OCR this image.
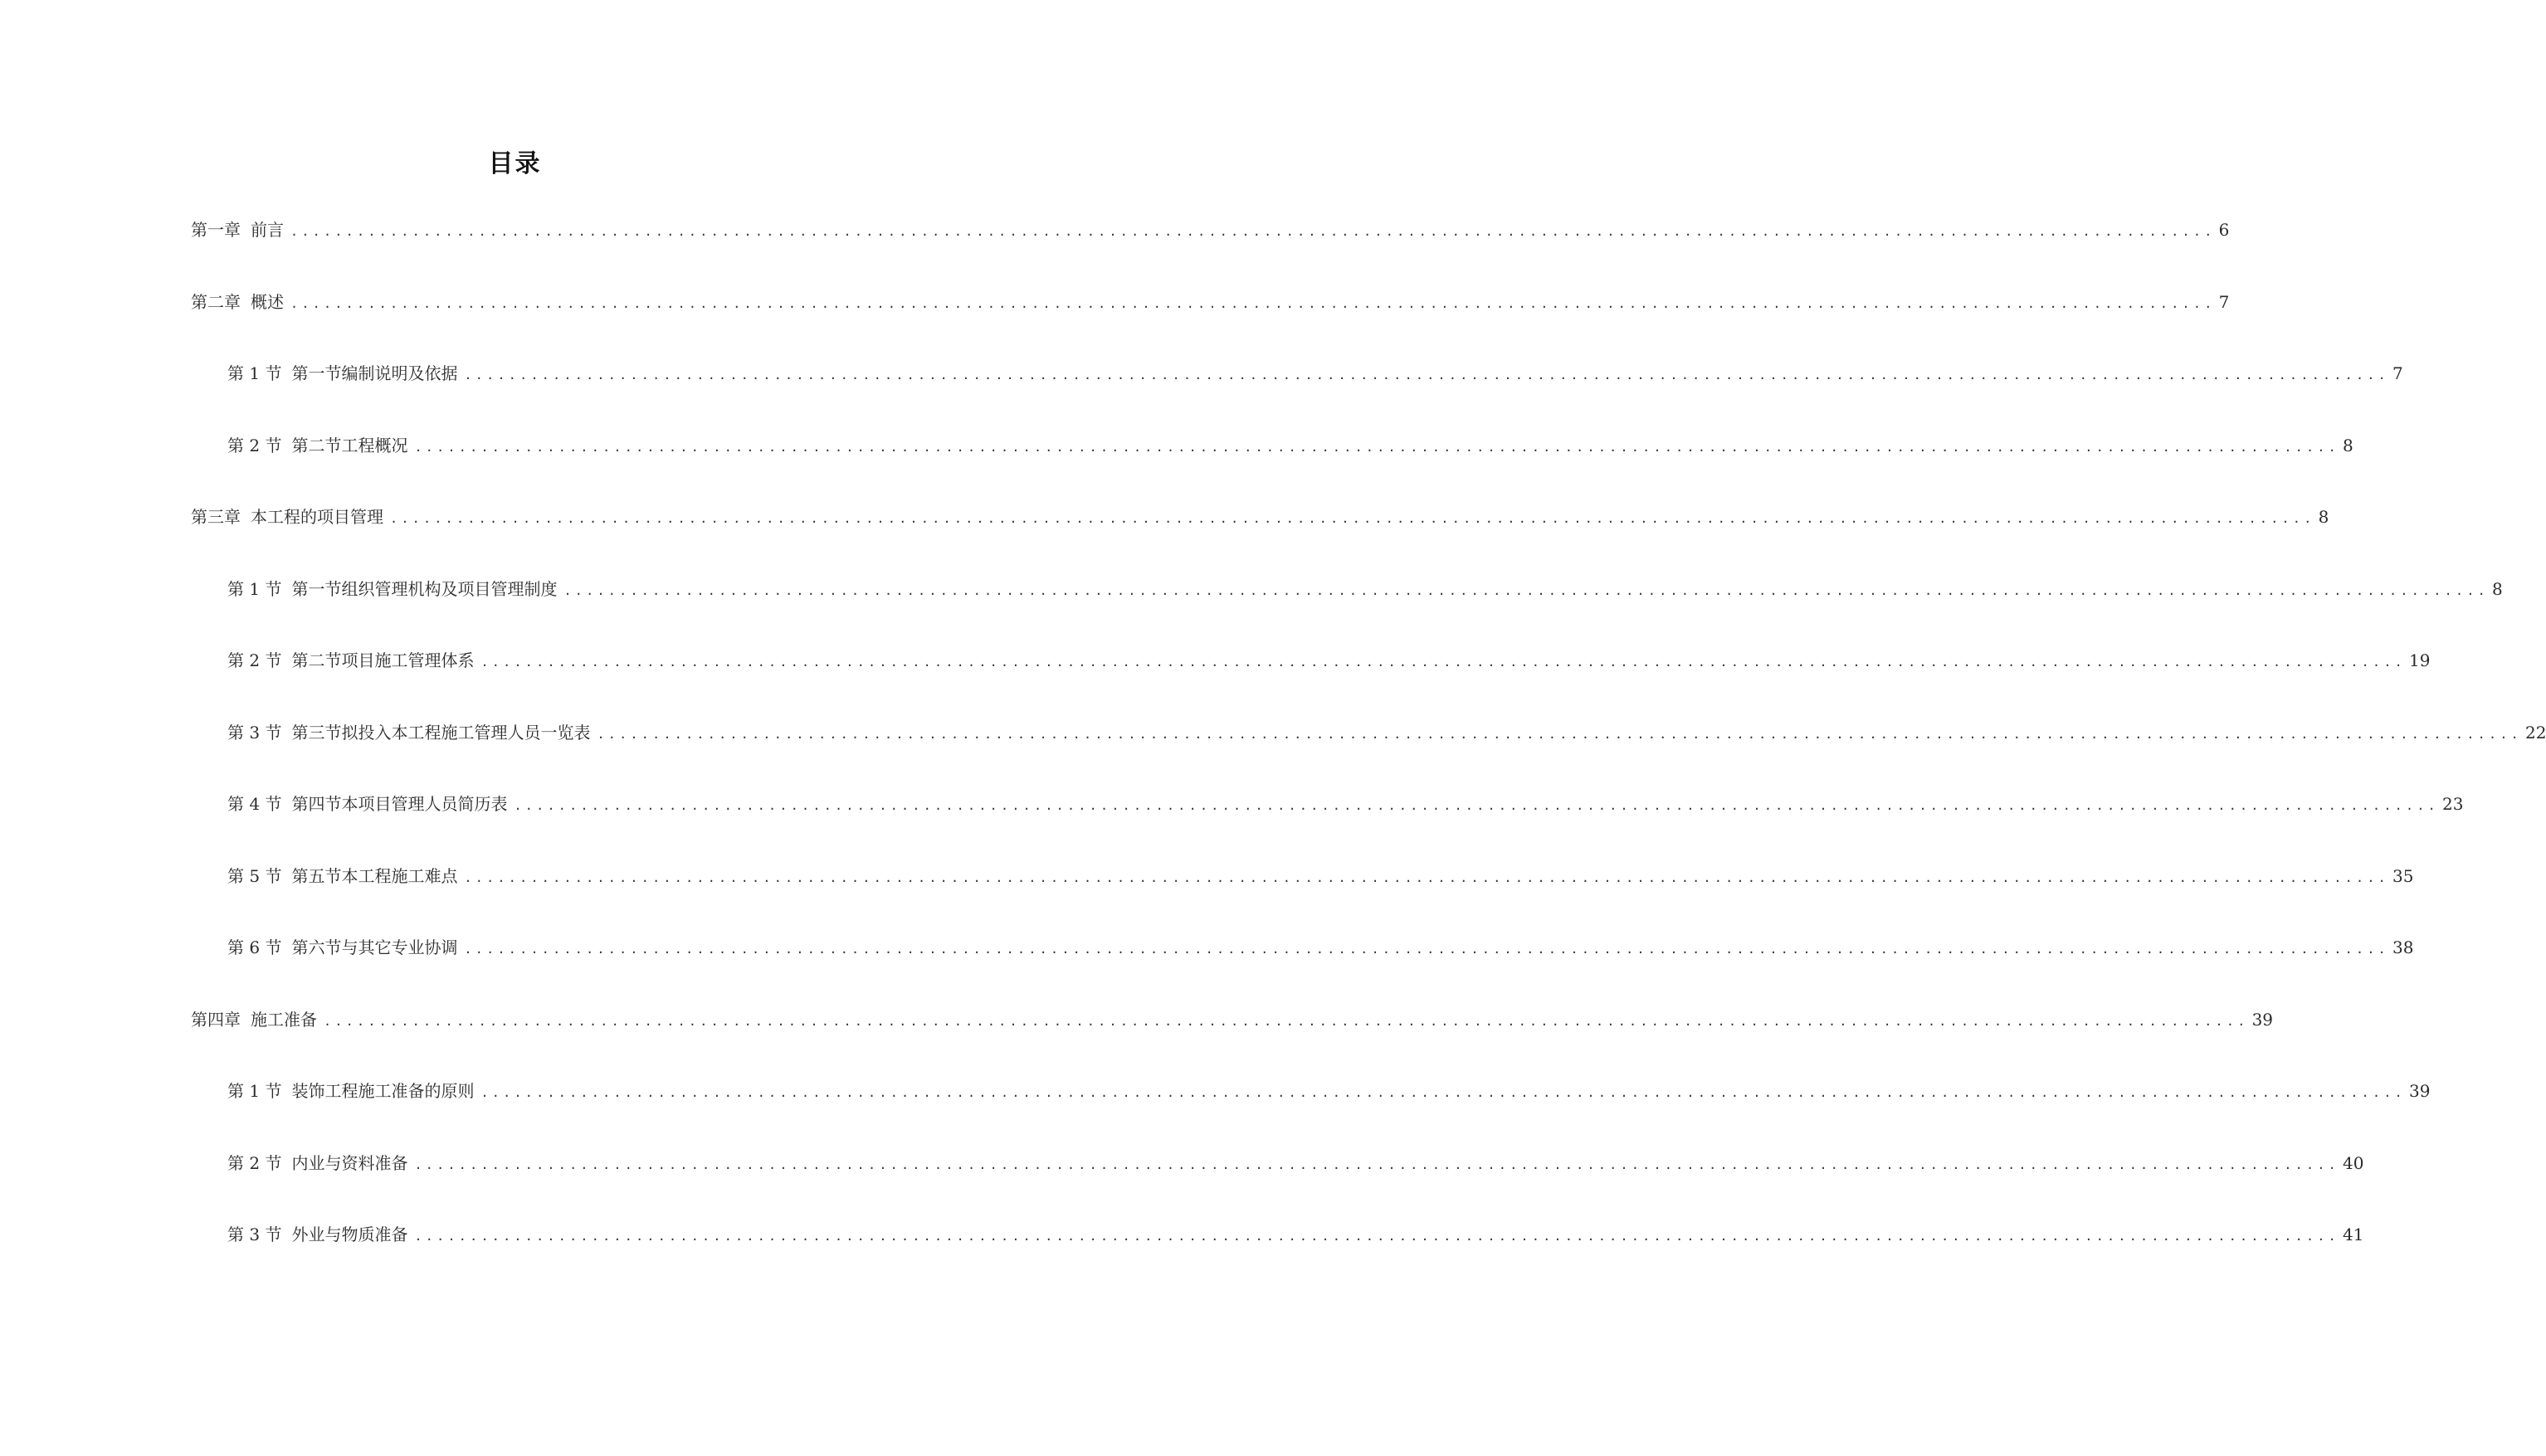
目录
第一章 前言 .............................................................................................................................................................................. 6
第二章 概述 .............................................................................................................................................................................. 7
第 1 节 第一节编制说明及依据 .............................................................................................................................................................................. 7
第 2 节 第二节工程概况 .............................................................................................................................................................................. 8
第三章 本工程的项目管理 .............................................................................................................................................................................. 8
第 1 节 第一节组织管理机构及项目管理制度 .............................................................................................................................................................................. 8
第 2 节 第二节项目施工管理体系 .............................................................................................................................................................................. 19
第 3 节 第三节拟投入本工程施工管理人员一览表 .............................................................................................................................................................................. 22
第 4 节 第四节本项目管理人员简历表 .............................................................................................................................................................................. 23
第 5 节 第五节本工程施工难点 .............................................................................................................................................................................. 35
第 6 节 第六节与其它专业协调 .............................................................................................................................................................................. 38
第四章 施工准备 .............................................................................................................................................................................. 39
第 1 节 装饰工程施工准备的原则 .............................................................................................................................................................................. 39
第 2 节 内业与资料准备 .............................................................................................................................................................................. 40
第 3 节 外业与物质准备 .............................................................................................................................................................................. 41
